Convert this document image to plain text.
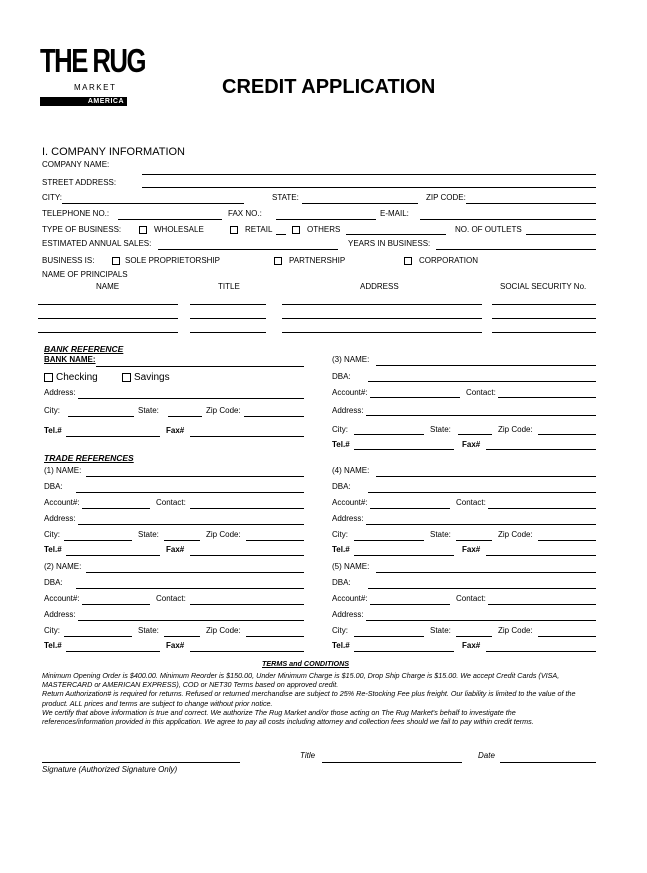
THE RUG
MARKET
AMERICA
CREDIT APPLICATION
I. COMPANY INFORMATION
COMPANY NAME:
STREET ADDRESS:
CITY:	STATE:	ZIP CODE:
TELEPHONE NO.:	FAX NO.:	E-MAIL:
TYPE OF BUSINESS:	WHOLESALE	RETAIL	OTHERS	NO. OF OUTLETS
ESTIMATED ANNUAL SALES:	YEARS IN BUSINESS:
BUSINESS IS:	SOLE PROPRIETORSHIP	PARTNERSHIP	CORPORATION
NAME OF PRINCIPALS
NAME	TITLE	ADDRESS	SOCIAL SECURITY No.
BANK REFERENCE
BANK NAME:
Checking	Savings
Address:
City:	State:	Zip Code:
Tel.#	Fax#
(3) NAME:
DBA:
Account#:	Contact:
Address:
City:	State:	Zip Code:
Tel.#	Fax#
TRADE REFERENCES
(1) NAME:
DBA:
Account#:	Contact:
Address:
City:	State:	Zip Code:
Tel.#	Fax#
(4) NAME:
DBA:
Account#:	Contact:
Address:
City:	State:	Zip Code:
Tel.#	Fax#
(2) NAME:
DBA:
Account#:	Contact:
Address:
City:	State:	Zip Code:
Tel.#	Fax#
(5) NAME:
DBA:
Account#:	Contact:
Address:
City:	State:	Zip Code:
Tel.#	Fax#
TERMS and CONDITIONS
Minimum Opening Order is $400.00. Minimum Reorder is $150.00, Under Minimum Charge is $15.00, Drop Ship Charge is $15.00. We accept Credit Cards (VISA, MASTERCARD or AMERICAN EXPRESS), COD or NET30 Terms based on approved credit.
Return Authorization# is required for returns. Refused or returned merchandise are subject to 25% Re-Stocking Fee plus freight. Our liability is limited to the value of the product. ALL prices and terms are subject to change without prior notice.
We certify that above information is true and correct. We authorize The Rug Market and/or those acting on The Rug Market's behalf to investigate the references/information provided in this application. We agree to pay all costs including attorney and collection fees should we fail to pay within credit terms.
Title	Date
Signature (Authorized Signature Only)
